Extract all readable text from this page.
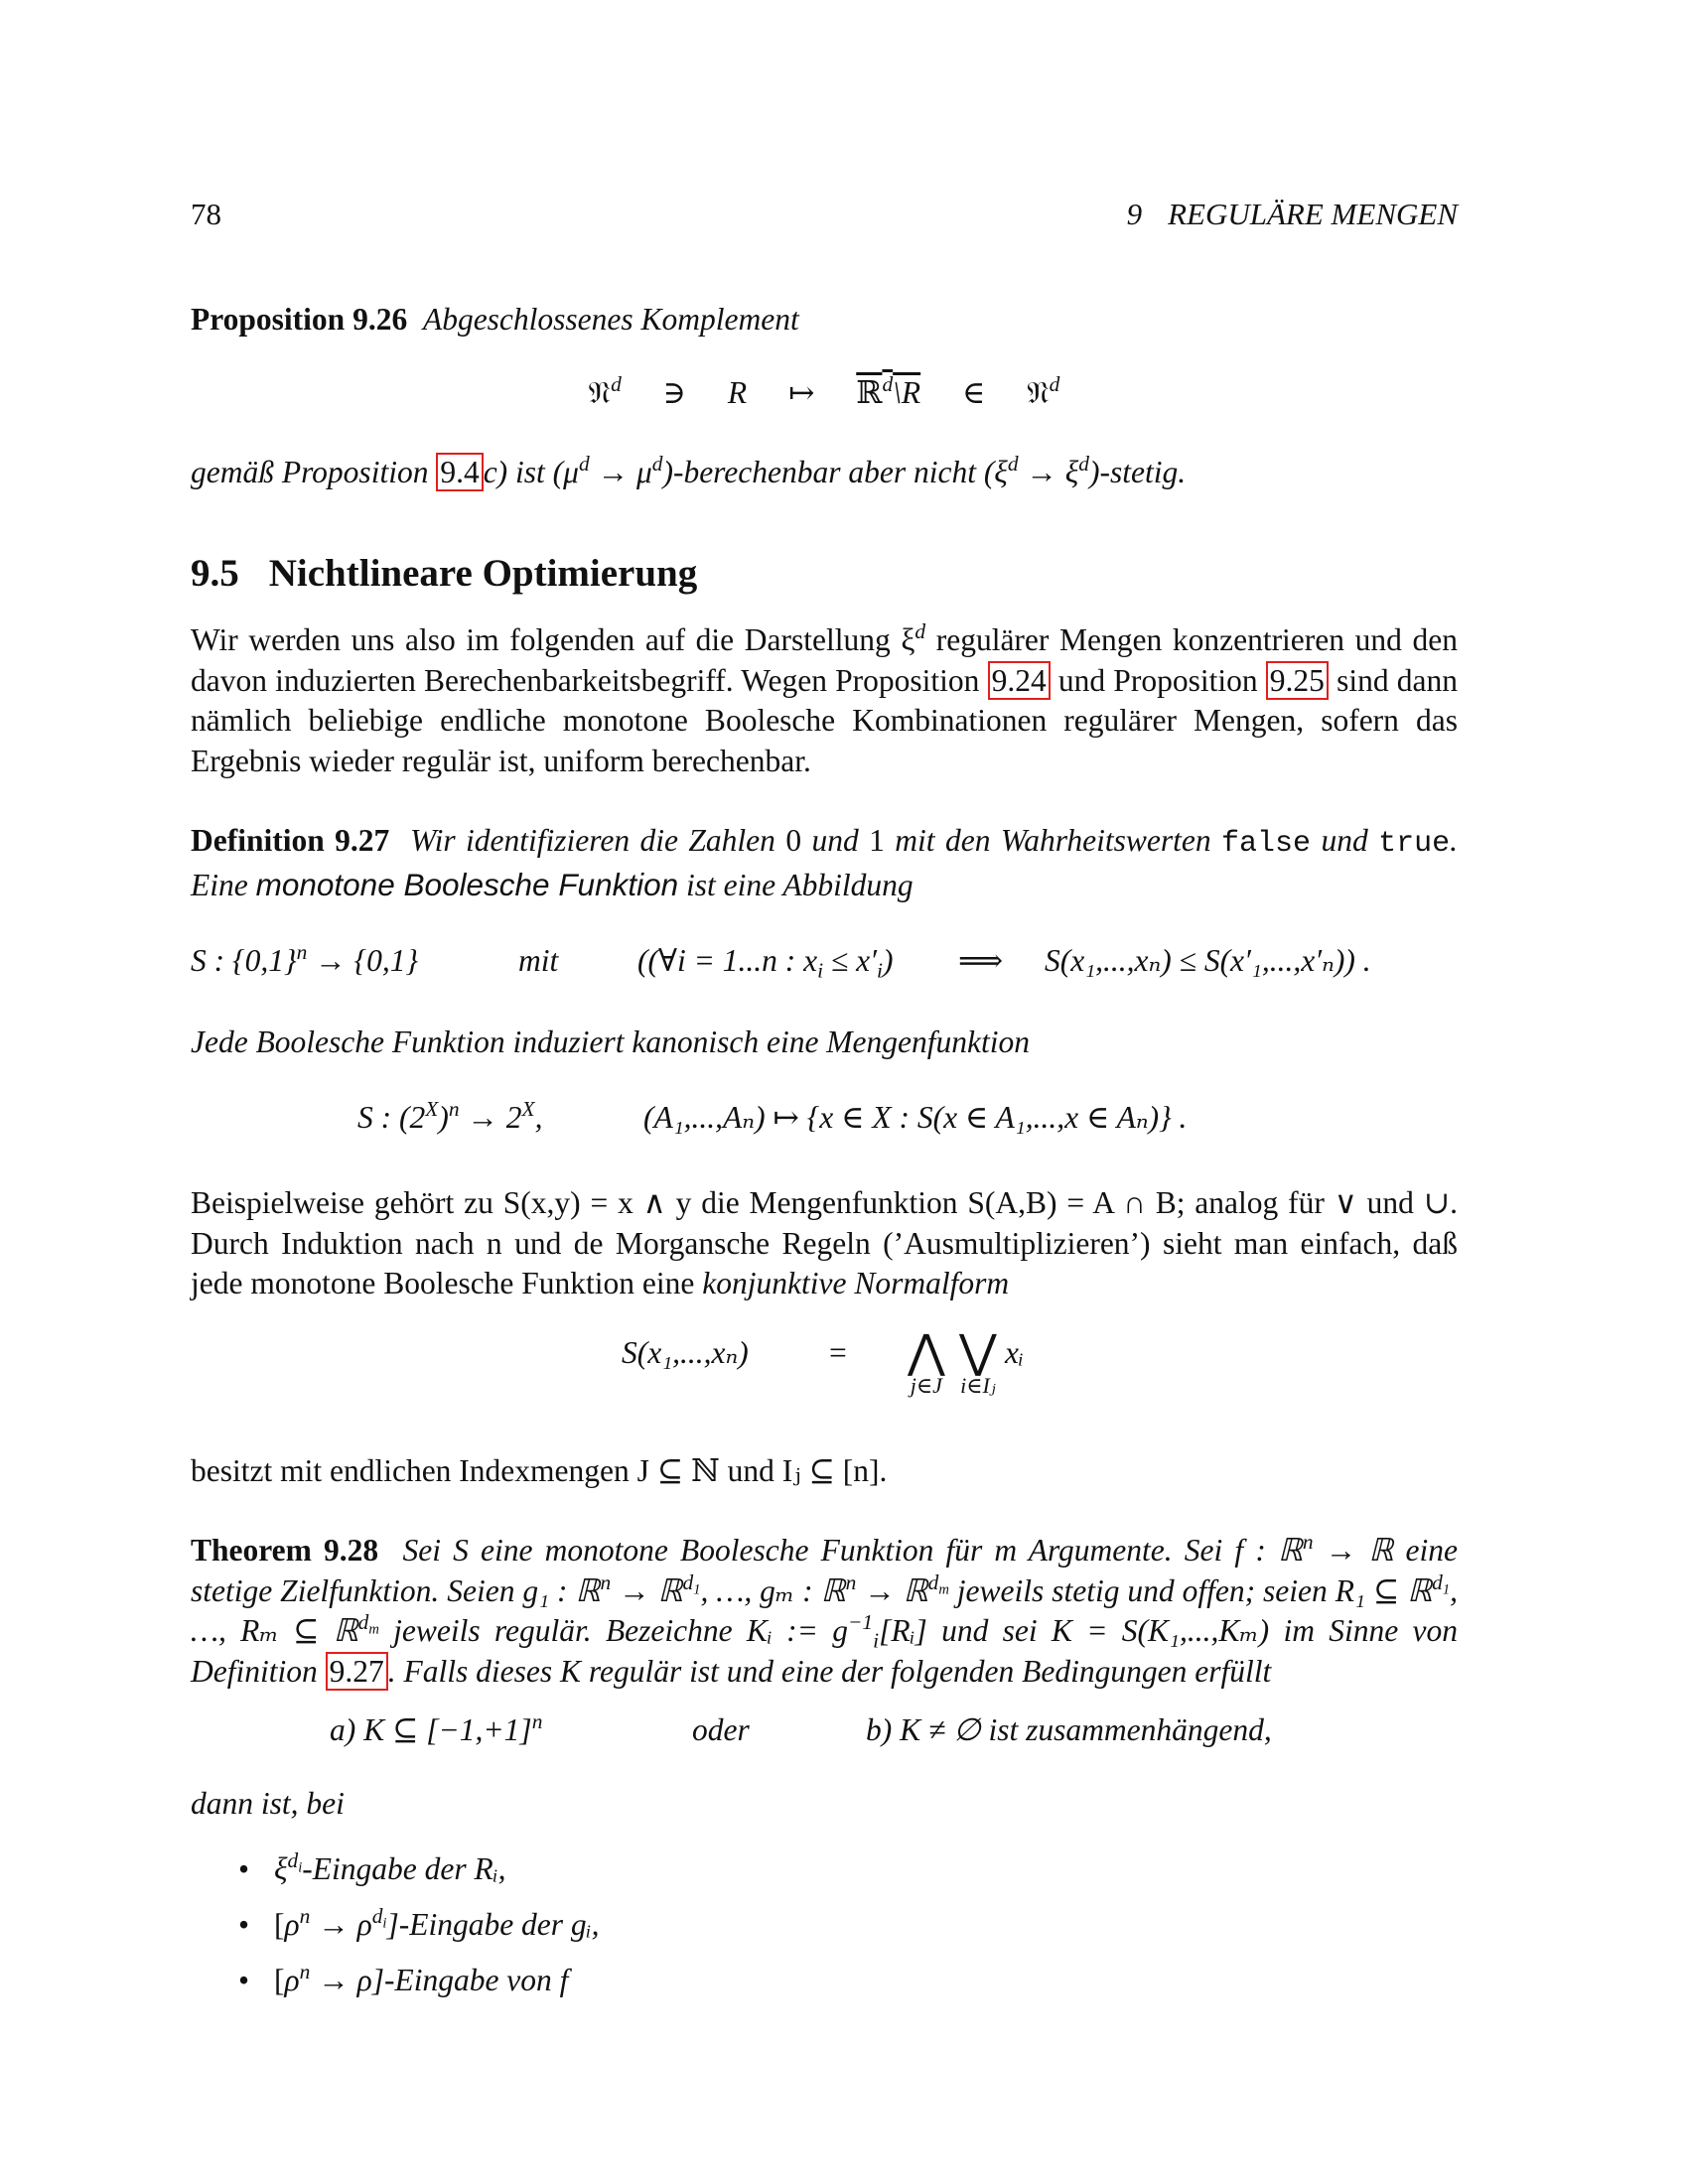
78	9 REGULÄRE MENGEN
Proposition 9.26 Abgeschlossenes Komplement
𝔑$^d$ ∋ R ↦ ℝ$^d$\R ∈ 𝔑$^d$
gemäß Proposition 9.4 c) ist ($\mu^d$ → $\mu^d$)-berechenbar aber nicht ($\xi^d$ → $\xi^d$)-stetig.
9.5 Nichtlineare Optimierung
Wir werden uns also im folgenden auf die Darstellung $\xi^d$ regulärer Mengen konzentrieren und den davon induzierten Berechenbarkeitsbegriff. Wegen Proposition 9.24 und Proposition 9.25 sind dann nämlich beliebige endliche monotone Boolesche Kombinationen regulärer Mengen, sofern das Ergebnis wieder regulär ist, uniform berechenbar.
Definition 9.27 Wir identifizieren die Zahlen 0 und 1 mit den Wahrheitswerten false und true. Eine monotone Boolesche Funktion ist eine Abbildung
S : $\{0,1\}^n \to \{0,1\}$	mit	((∀i = 1...n : $x_i \le x'_i$) ⟹ S(x₁,...,xₙ) ≤ S(x′₁,...,x′ₙ)) .
Jede Boolesche Funktion induziert kanonisch eine Mengenfunktion
S : $(2^X)^n \to 2^X$,	(A₁,...,Aₙ) ↦ {x ∈ X : S(x ∈ A₁,...,x ∈ Aₙ)} .
Beispielweise gehört zu S(x,y) = x ∧ y die Mengenfunktion S(A,B) = A ∩ B; analog für ∨ und ∪. Durch Induktion nach n und de Morgansche Regeln (’Ausmultiplizieren’) sieht man einfach, daß jede monotone Boolesche Funktion eine konjunktive Normalform
S(x₁,...,xₙ)	= ⋀
j∈J
⋁
i∈Iⱼ
xᵢ
besitzt mit endlichen Indexmengen J ⊆ ℕ und Iⱼ ⊆ [n].
Theorem 9.28 Sei S eine monotone Boolesche Funktion für m Argumente. Sei f : ℝ$^n$ → ℝ eine stetige Zielfunktion. Seien g₁ : ℝ$^n$ → ℝ$^{d_1}$, …, gₘ : ℝ$^n$ → ℝ$^{d_m}$ jeweils stetig und offen; seien R₁ ⊆ ℝ$^{d_1}$, …, Rₘ ⊆ ℝ$^{d_m}$ jeweils regulär. Bezeichne Kᵢ := $g^{-1}_i[Rᵢ]$ und sei K = S(K₁,...,Kₘ) im Sinne von Definition 9.27 . Falls dieses K regulär ist und eine der folgenden Bedingungen erfüllt
a) K ⊆ $[-1,+1]^n$	oder	b) K ≠ ∅ ist zusammenhängend,
dann ist, bei
• $\xi^{d_i}$-Eingabe der Rᵢ,
• [$\rho^n$ → $\rho^{d_i}$]-Eingabe der gᵢ,
• [$\rho^n$ → ρ]-Eingabe von f
